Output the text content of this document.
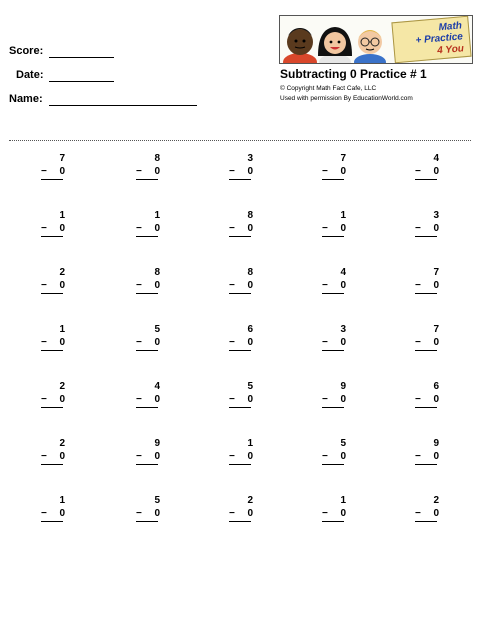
Score:
Date:
Name:
Math
+ Practice
4 You
Subtracting 0 Practice # 1
© Copyright Math Fact Cafe, LLC
Used with permission By EducationWorld.com
7
− 0
8
− 0
3
− 0
7
− 0
4
− 0
1
− 0
1
− 0
8
− 0
1
− 0
3
− 0
2
− 0
8
− 0
8
− 0
4
− 0
7
− 0
1
− 0
5
− 0
6
− 0
3
− 0
7
− 0
2
− 0
4
− 0
5
− 0
9
− 0
6
− 0
2
− 0
9
− 0
1
− 0
5
− 0
9
− 0
1
− 0
5
− 0
2
− 0
1
− 0
2
− 0
